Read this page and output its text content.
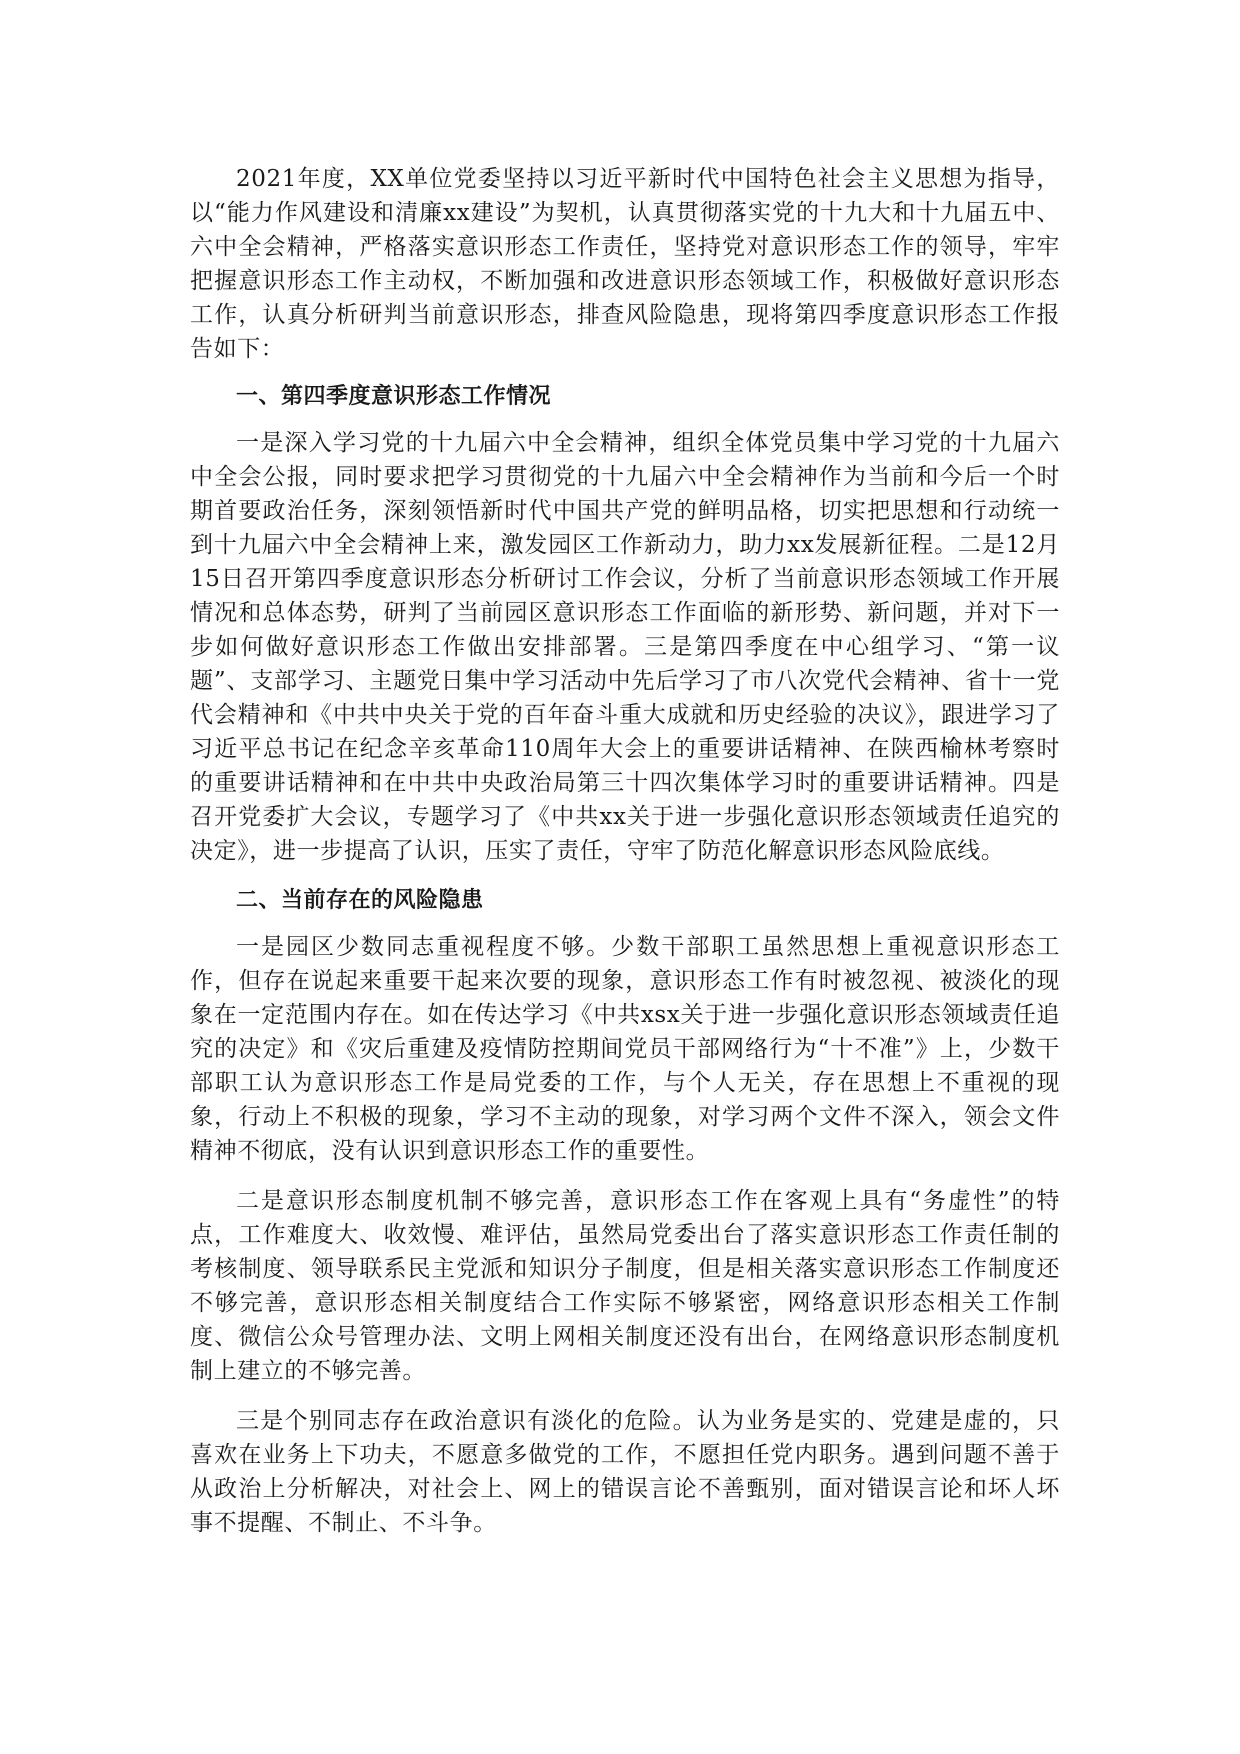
2021年度，XX单位党委坚持以习近平新时代中国特色社会主义思想为指导，以“能力作风建设和清廉xx建设”为契机，认真贯彻落实党的十九大和十九届五中、六中全会精神，严格落实意识形态工作责任，坚持党对意识形态工作的领导，牢牢把握意识形态工作主动权，不断加强和改进意识形态领域工作，积极做好意识形态工作，认真分析研判当前意识形态，排查风险隐患，现将第四季度意识形态工作报告如下：

一、第四季度意识形态工作情况

一是深入学习党的十九届六中全会精神，组织全体党员集中学习党的十九届六中全会公报，同时要求把学习贯彻党的十九届六中全会精神作为当前和今后一个时期首要政治任务，深刻领悟新时代中国共产党的鲜明品格，切实把思想和行动统一到十九届六中全会精神上来，激发园区工作新动力，助力xx发展新征程。二是12月15日召开第四季度意识形态分析研讨工作会议，分析了当前意识形态领域工作开展情况和总体态势，研判了当前园区意识形态工作面临的新形势、新问题，并对下一步如何做好意识形态工作做出安排部署。三是第四季度在中心组学习、“第一议题”、支部学习、主题党日集中学习活动中先后学习了市八次党代会精神、省十一党代会精神和《中共中央关于党的百年奋斗重大成就和历史经验的决议》，跟进学习了习近平总书记在纪念辛亥革命110周年大会上的重要讲话精神、在陕西榆林考察时的重要讲话精神和在中共中央政治局第三十四次集体学习时的重要讲话精神。四是召开党委扩大会议，专题学习了《中共xx关于进一步强化意识形态领域责任追究的决定》，进一步提高了认识，压实了责任，守牢了防范化解意识形态风险底线。

二、当前存在的风险隐患

一是园区少数同志重视程度不够。少数干部职工虽然思想上重视意识形态工作，但存在说起来重要干起来次要的现象，意识形态工作有时被忽视、被淡化的现象在一定范围内存在。如在传达学习《中共xsx关于进一步强化意识形态领域责任追究的决定》和《灾后重建及疫情防控期间党员干部网络行为“十不准”》上，少数干部职工认为意识形态工作是局党委的工作，与个人无关，存在思想上不重视的现象，行动上不积极的现象，学习不主动的现象，对学习两个文件不深入，领会文件精神不彻底，没有认识到意识形态工作的重要性。

二是意识形态制度机制不够完善，意识形态工作在客观上具有“务虚性”的特点，工作难度大、收效慢、难评估，虽然局党委出台了落实意识形态工作责任制的考核制度、领导联系民主党派和知识分子制度，但是相关落实意识形态工作制度还不够完善，意识形态相关制度结合工作实际不够紧密，网络意识形态相关工作制度、微信公众号管理办法、文明上网相关制度还没有出台，在网络意识形态制度机制上建立的不够完善。

三是个别同志存在政治意识有淡化的危险。认为业务是实的、党建是虚的，只喜欢在业务上下功夫，不愿意多做党的工作，不愿担任党内职务。遇到问题不善于从政治上分析解决，对社会上、网上的错误言论不善甄别，面对错误言论和坏人坏事不提醒、不制止、不斗争。
